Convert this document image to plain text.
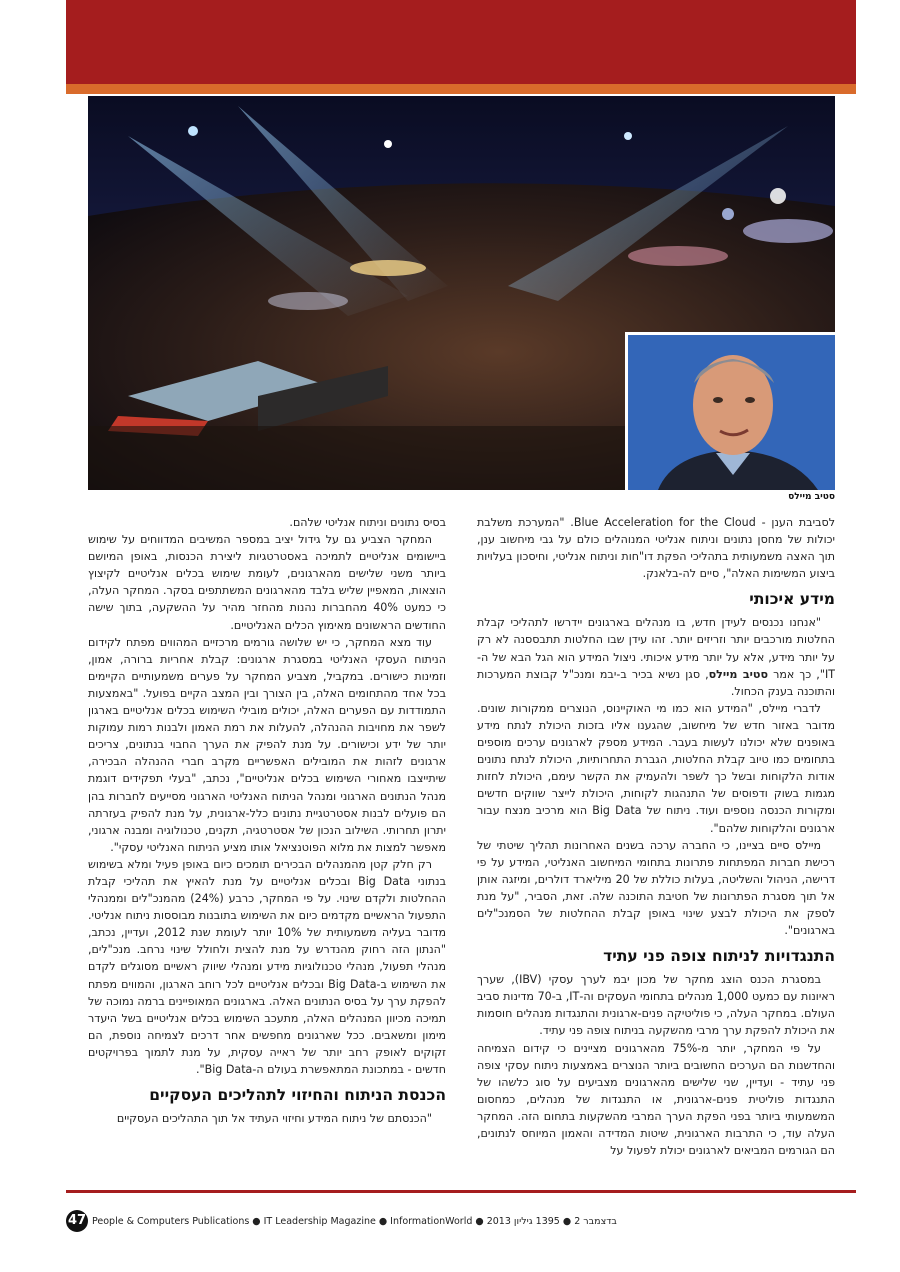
סטיב מיילס

לסביבת הענן - Blue Acceleration for the Cloud. "המערכת משלבת יכולות של מחסן נתונים וניתוח אנליטי המנוהלים כולם על גבי מיחשוב ענן, תוך האצה משמעותית בתהליכי הפקת דו"חות וניתוח אנליטי, וחיסכון בעלויות ביצוע המשימות האלה", סיים לה-בלאנק.

מידע איכותי

"אנחנו נכנסים לעידן חדש, בו מנהלים בארגונים יידרשו לתהליכי קבלת החלטות מורכבים יותר וזריזים יותר. זהו עידן שבו החלטות תתבססנה לא רק על יותר מידע, אלא על יותר מידע איכותי. ניצול המידע הוא הגל הבא של ה-IT", כך אמר סטיב מיילס, סגן נשיא בכיר ב-יבמ ומנכ"ל קבוצת המערכות והתוכנה בענק הכחול.

לדברי מיילס, "המידע הוא כמו מי האוקיינוס, הנוצרים ממקורות שונים. מדובר באזור חדש של מיחשוב, שהגענו אליו בזכות היכולת לנתח מידע באופנים שלא יכולנו לעשות בעבר. המידע מספק לארגונים ערכים מוספים בתחומים כמו טיוב קבלת החלטות, הגברת התחרותיות, היכולת לנתח נתונים אודות הלקוחות ובשל כך לשפר ולהעמיק את הקשר עימם, היכולת לחזות מגמות בשוק ודפוסים של התנהגות לקוחות, היכולת לייצר שווקים חדשים ומקורות הכנסה נוספים ועוד. ניתוח של Big Data הוא מרכיב מנצח עבור ארגונים והלקוחות שלהם".

מיילס סיים בציינו, כי החברה ערכה בשנים האחרונות תהליך שיטתי של רכישת חברות המפתחות פתרונות בתחומי המיחשוב האנליטי, המידע על פי דרישה, הניהול והשליטה, בעלות כוללת של 20 מיליארד דולרים, ומיזגה אותן אל תוך מסגרת הפתרונות של חטיבת התוכנה שלה. זאת, הסביר, "על מנת לספק את היכולת לבצע שינוי באופן קבלת ההחלטות של הסמנכ"לים בארגונים".

התנגדויות לניתוח צופה פני עתיד

במסגרת הכנס הוצג מחקר של מכון יבמ לערך עסקי (IBV), שערך ראיונות עם כמעט 1,000 מנהלים בתחומי העסקים וה-IT, ב-70 מדינות סביב העולם. במחקר העלה, כי פוליטיקה פנים-ארגונית והתנגדות מנהלים חוסמות את היכולת להפקת ערך מרבי מהשקעה בניתוח צופה פני עתיד.

על פי המחקר, יותר מ-75% מהארגונים מציינים כי קידום הצמיחה והחדשנות הם הערכים החשובים ביותר הנוצרים באמצעות ניתוח עסקי צופה פני עתיד - ועדיין, שני שלישים מהארגונים מצביעים על סוג כלשהו של התנגדות פוליטית פנים-ארגונית, או התנגדות של מנהלים, כמחסום המשמעותי ביותר בפני הפקת הערך המרבי מהשקעות בתחום הזה. המחקר העלה עוד, כי התרבות הארגונית, שיטות המדידה והאמון המיוחס לנתונים, הם הגורמים המביאים לארגונים יכולת לפעול על

בסיס נתונים וניתוח אנליטי שלהם.

המחקר הצביע גם על גידול יציב במספר המשיבים המדווחים על שימוש ביישומים אנליטיים לתמיכה באסטרטגיות ליצירת הכנסות, באופן המיושם ביותר משני שלישים מהארגונים, לעומת שימוש בכלים אנליטיים לקיצוץ הוצאות, המאפיין שליש בלבד מהארגונים המשתתפים בסקר. המחקר העלה, כי כמעט 40% מהחברות נהנות מהחזר מהיר על ההשקעה, בתוך שישה החודשים הראשונים מאימוץ הכלים האנליטיים.

עוד מצא המחקר, כי יש שלושה גורמים מרכזיים המהווים מפתח לקידום הניתוח העסקי האנליטי במסגרת ארגונים: קבלת אחריות ברורה, אמון, וזמינות כישורים. במקביל, מצביע המחקר על פערים משמעותיים הקיימים בכל אחד מהתחומים האלה, בין הצורך ובין המצב הקיים בפועל. "באמצעות התמודדות עם הפערים האלה, יכולים מובילי השימוש בכלים אנליטיים בארגון לשפר את מחויבות ההנהלה, להעלות את רמת האמון ולבנות רמות עמוקות יותר של ידע וכישורים. על מנת להפיק את הערך החבוי בנתונים, צריכים ארגונים לזהות את המובילים האפשריים מקרב חברי ההנהלה הבכירה, שיתייצבו מאחורי השימוש בכלים אנליטיים", נכתב, "בעלי תפקידים דוגמת מנהל הנתונים הארגוני ומנהל הניתוח האנליטי הארגוני מסייעים לחברות בהן הם פועלים לבנות אסטרטגיית נתונים כלל-ארגונית, על מנת להפיק בעזרתה יתרון תחרותי. השילוב הנכון של אסטרטגיה, תקנים, טכנולוגיה ומבנה ארגוני, מאפשר למצות את מלוא הפוטנציאל אותו מציע הניתוח האנליטי עסקי".

רק חלק קטן מהמנהלים הבכירים תומכים כיום באופן פעיל ומלא בשימוש בנתוני Big Data ובכלים אנליטיים על מנת להאיץ את תהליכי קבלת ההחלטות ולקדם שינוי. על פי המחקר, כרבע (24%) מהמנכ"לים וממנהלי התפעול הראשיים מקדמים כיום את השימוש בתובנות מבוססות ניתוח אנליטי. מדובר בעליה משמעותית של 10% יותר לעומת שנת 2012, ועדיין, נכתב, "הנתון הזה רחוק מהנדרש על מנת להצית ולחולל שינוי נרחב. מנכ"לים, מנהלי תפעול, מנהלי טכנולוגיות מידע ומנהלי שיווק ראשיים מסוגלים לקדם את השימוש ב-Big Data ובכלים אנליטיים לכל רוחב הארגון, והמווים מפתח להפקת ערך על בסיס הנתונים האלה. בארגונים המאופיינים ברמה נמוכה של תמיכה מכיוון המנהלים האלה, מתעכב השימוש בכלים אנליטיים בשל היעדר מימון ומשאבים. ככל שארגונים מחפשים אחר דרכים לצמיחה נוספת, הם זקוקים לאופק רחב יותר של ראייה עסקית, על מנת לתמוך בפרויקטים חדשים - במתכונת המתאפשרת בעולם ה-Big Data".

הכנסת הניתוח והחיזוי לתהליכים העסקיים

"הכנסתם של ניתוח המידע וחיזוי העתיד אל תוך התהליכים העסקיים

47 People & Computers Publications ● IT Leadership Magazine ● InformationWorld ● 2013 בדצמבר 2 ● 1395 גיליון
